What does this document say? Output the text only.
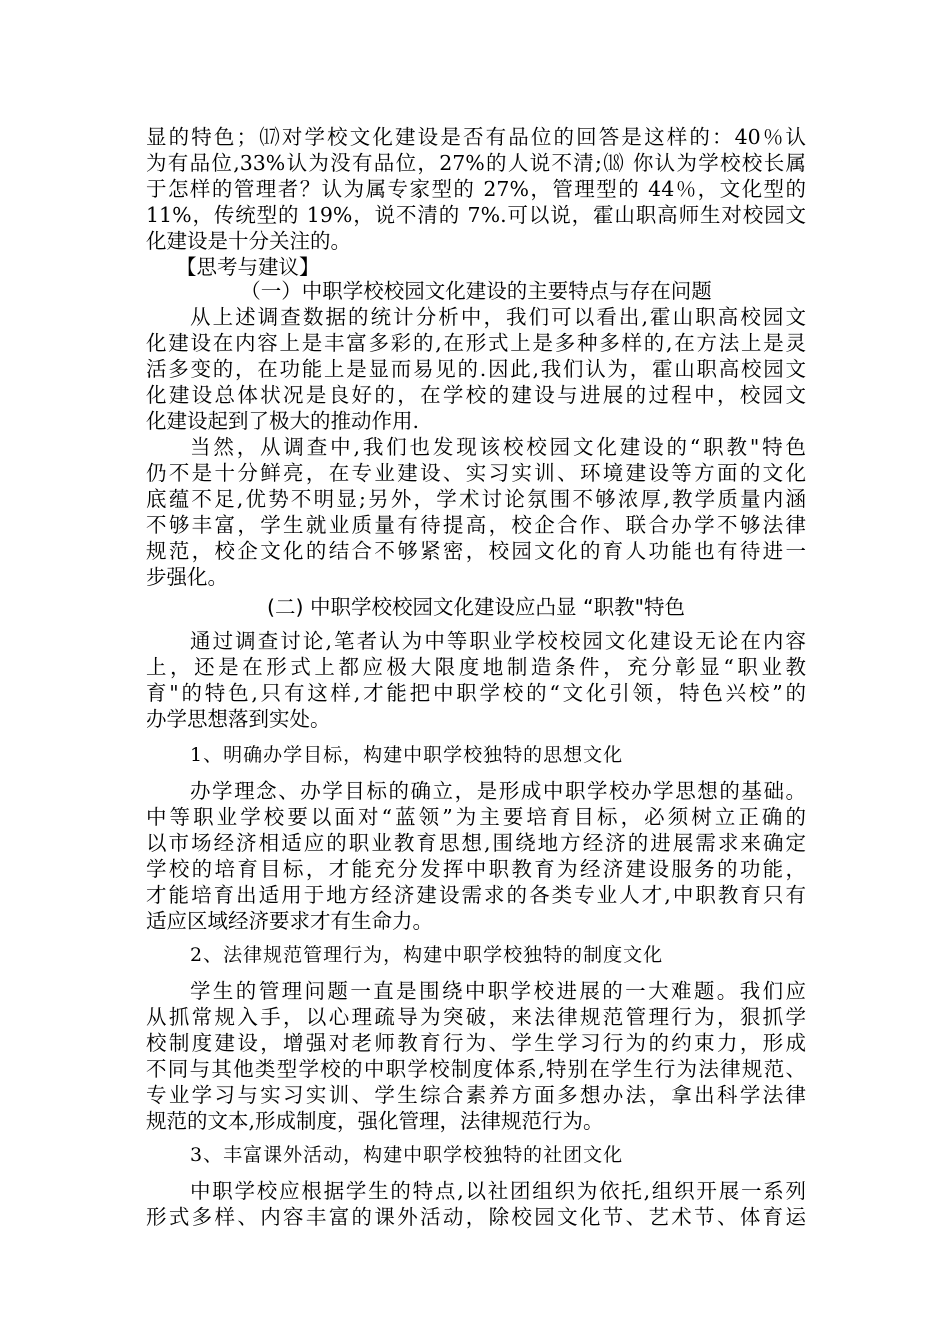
显的特色；⒄对学校文化建设是否有品位的回答是这样的：40％认
为有品位,33%认为没有品位，27%的人说不清;⒅ 你认为学校校长属
于怎样的管理者？认为属专家型的 27%，管理型的 44％，文化型的
11%，传统型的 19%，说不清的 7%.可以说，霍山职高师生对校园文
化建设是十分关注的。
【思考与建议】
（一）中职学校校园文化建设的主要特点与存在问题
从上述调查数据的统计分析中，我们可以看出,霍山职高校园文
化建设在内容上是丰富多彩的,在形式上是多种多样的,在方法上是灵
活多变的，在功能上是显而易见的.因此,我们认为，霍山职高校园文
化建设总体状况是良好的，在学校的建设与进展的过程中，校园文
化建设起到了极大的推动作用.
当然，从调查中,我们也发现该校校园文化建设的“职教"特色
仍不是十分鲜亮，在专业建设、实习实训、环境建设等方面的文化
底蕴不足,优势不明显;另外，学术讨论氛围不够浓厚,教学质量内涵
不够丰富，学生就业质量有待提高，校企合作、联合办学不够法律
规范，校企文化的结合不够紧密，校园文化的育人功能也有待进一
步强化。
(二) 中职学校校园文化建设应凸显 “职教"特色
通过调查讨论,笔者认为中等职业学校校园文化建设无论在内容
上，还是在形式上都应极大限度地制造条件，充分彰显“职业教
育"的特色,只有这样,才能把中职学校的“文化引领，特色兴校”的
办学思想落到实处。
1、明确办学目标，构建中职学校独特的思想文化
办学理念、办学目标的确立，是形成中职学校办学思想的基础。
中等职业学校要以面对“蓝领”为主要培育目标，必须树立正确的
以市场经济相适应的职业教育思想,围绕地方经济的进展需求来确定
学校的培育目标，才能充分发挥中职教育为经济建设服务的功能，
才能培育出适用于地方经济建设需求的各类专业人才,中职教育只有
适应区域经济要求才有生命力。
2、法律规范管理行为，构建中职学校独特的制度文化
学生的管理问题一直是围绕中职学校进展的一大难题。我们应
从抓常规入手，以心理疏导为突破，来法律规范管理行为，狠抓学
校制度建设，增强对老师教育行为、学生学习行为的约束力，形成
不同与其他类型学校的中职学校制度体系,特别在学生行为法律规范、
专业学习与实习实训、学生综合素养方面多想办法，拿出科学法律
规范的文本,形成制度，强化管理，法律规范行为。
3、丰富课外活动，构建中职学校独特的社团文化
中职学校应根据学生的特点,以社团组织为依托,组织开展一系列
形式多样、内容丰富的课外活动，除校园文化节、艺术节、体育运
